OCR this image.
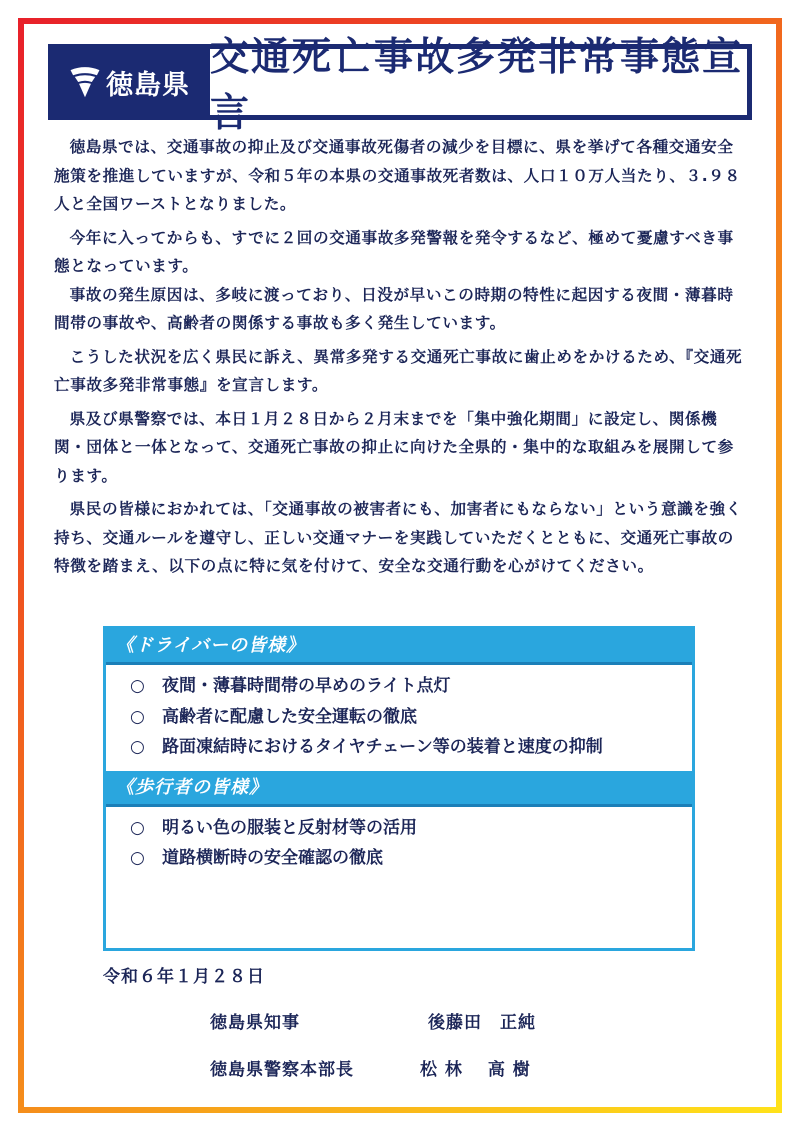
徳島県
交通死亡事故多発非常事態宣言

徳島県では、交通事故の抑止及び交通事故死傷者の減少を目標に、県を挙げて各種交通安全施策を推進していますが、令和５年の本県の交通事故死者数は、人口１０万人当たり、３.９８人と全国ワーストとなりました。

今年に入ってからも、すでに２回の交通事故多発警報を発令するなど、極めて憂慮すべき事態となっています。

事故の発生原因は、多岐に渡っており、日没が早いこの時期の特性に起因する夜間・薄暮時間帯の事故や、高齢者の関係する事故も多く発生しています。

こうした状況を広く県民に訴え、異常多発する交通死亡事故に歯止めをかけるため、『交通死亡事故多発非常事態』を宣言します。

県及び県警察では、本日１月２８日から２月末までを「集中強化期間」に設定し、関係機関・団体と一体となって、交通死亡事故の抑止に向けた全県的・集中的な取組みを展開して参ります。

県民の皆様におかれては、「交通事故の被害者にも、加害者にもならない」という意識を強く持ち、交通ルールを遵守し、正しい交通マナーを実践していただくとともに、交通死亡事故の特徴を踏まえ、以下の点に特に気を付けて、安全な交通行動を心がけてください。

《ドライバーの皆様》
○	夜間・薄暮時間帯の早めのライト点灯
○	高齢者に配慮した安全運転の徹底
○	路面凍結時におけるタイヤチェーン等の装着と速度の抑制
《歩行者の皆様》
○	明るい色の服装と反射材等の活用
○	道路横断時の安全確認の徹底
令和６年１月２８日
徳島県知事	後藤田　正純
徳島県警察本部長	松 林　 高 樹
